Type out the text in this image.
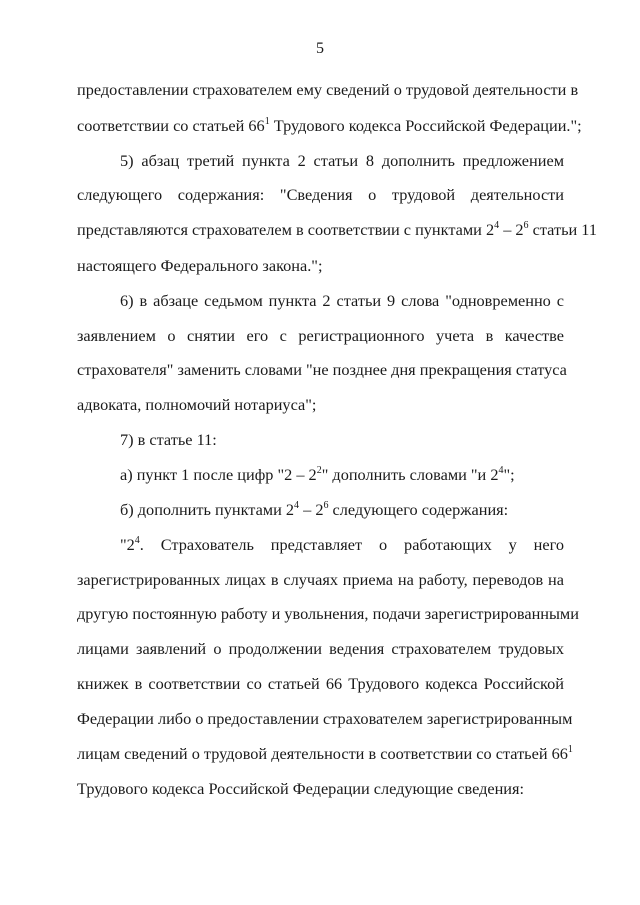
5
предоставлении страхователем ему сведений о трудовой деятельности в
соответствии со статьей $66^1$ Трудового кодекса Российской Федерации.";
5) абзац третий пункта 2 статьи 8 дополнить предложением
следующего содержания: "Сведения о трудовой деятельности
представляются страхователем в соответствии с пунктами $2^4 - 2^6$ статьи 11
настоящего Федерального закона.";
6) в абзаце седьмом пункта 2 статьи 9 слова "одновременно с
заявлением о снятии его с регистрационного учета в качестве
страхователя" заменить словами "не позднее дня прекращения статуса
адвоката, полномочий нотариуса";
7) в статье 11:
а) пункт 1 после цифр "$2 - 2^2$" дополнить словами "и $2^4$";
б) дополнить пунктами $2^4 - 2^6$ следующего содержания:
"$2^4$. Страхователь представляет о работающих у него
зарегистрированных лицах в случаях приема на работу, переводов на
другую постоянную работу и увольнения, подачи зарегистрированными
лицами заявлений о продолжении ведения страхователем трудовых
книжек в соответствии со статьей 66 Трудового кодекса Российской
Федерации либо о предоставлении страхователем зарегистрированным
лицам сведений о трудовой деятельности в соответствии со статьей $66^1$
Трудового кодекса Российской Федерации следующие сведения:
